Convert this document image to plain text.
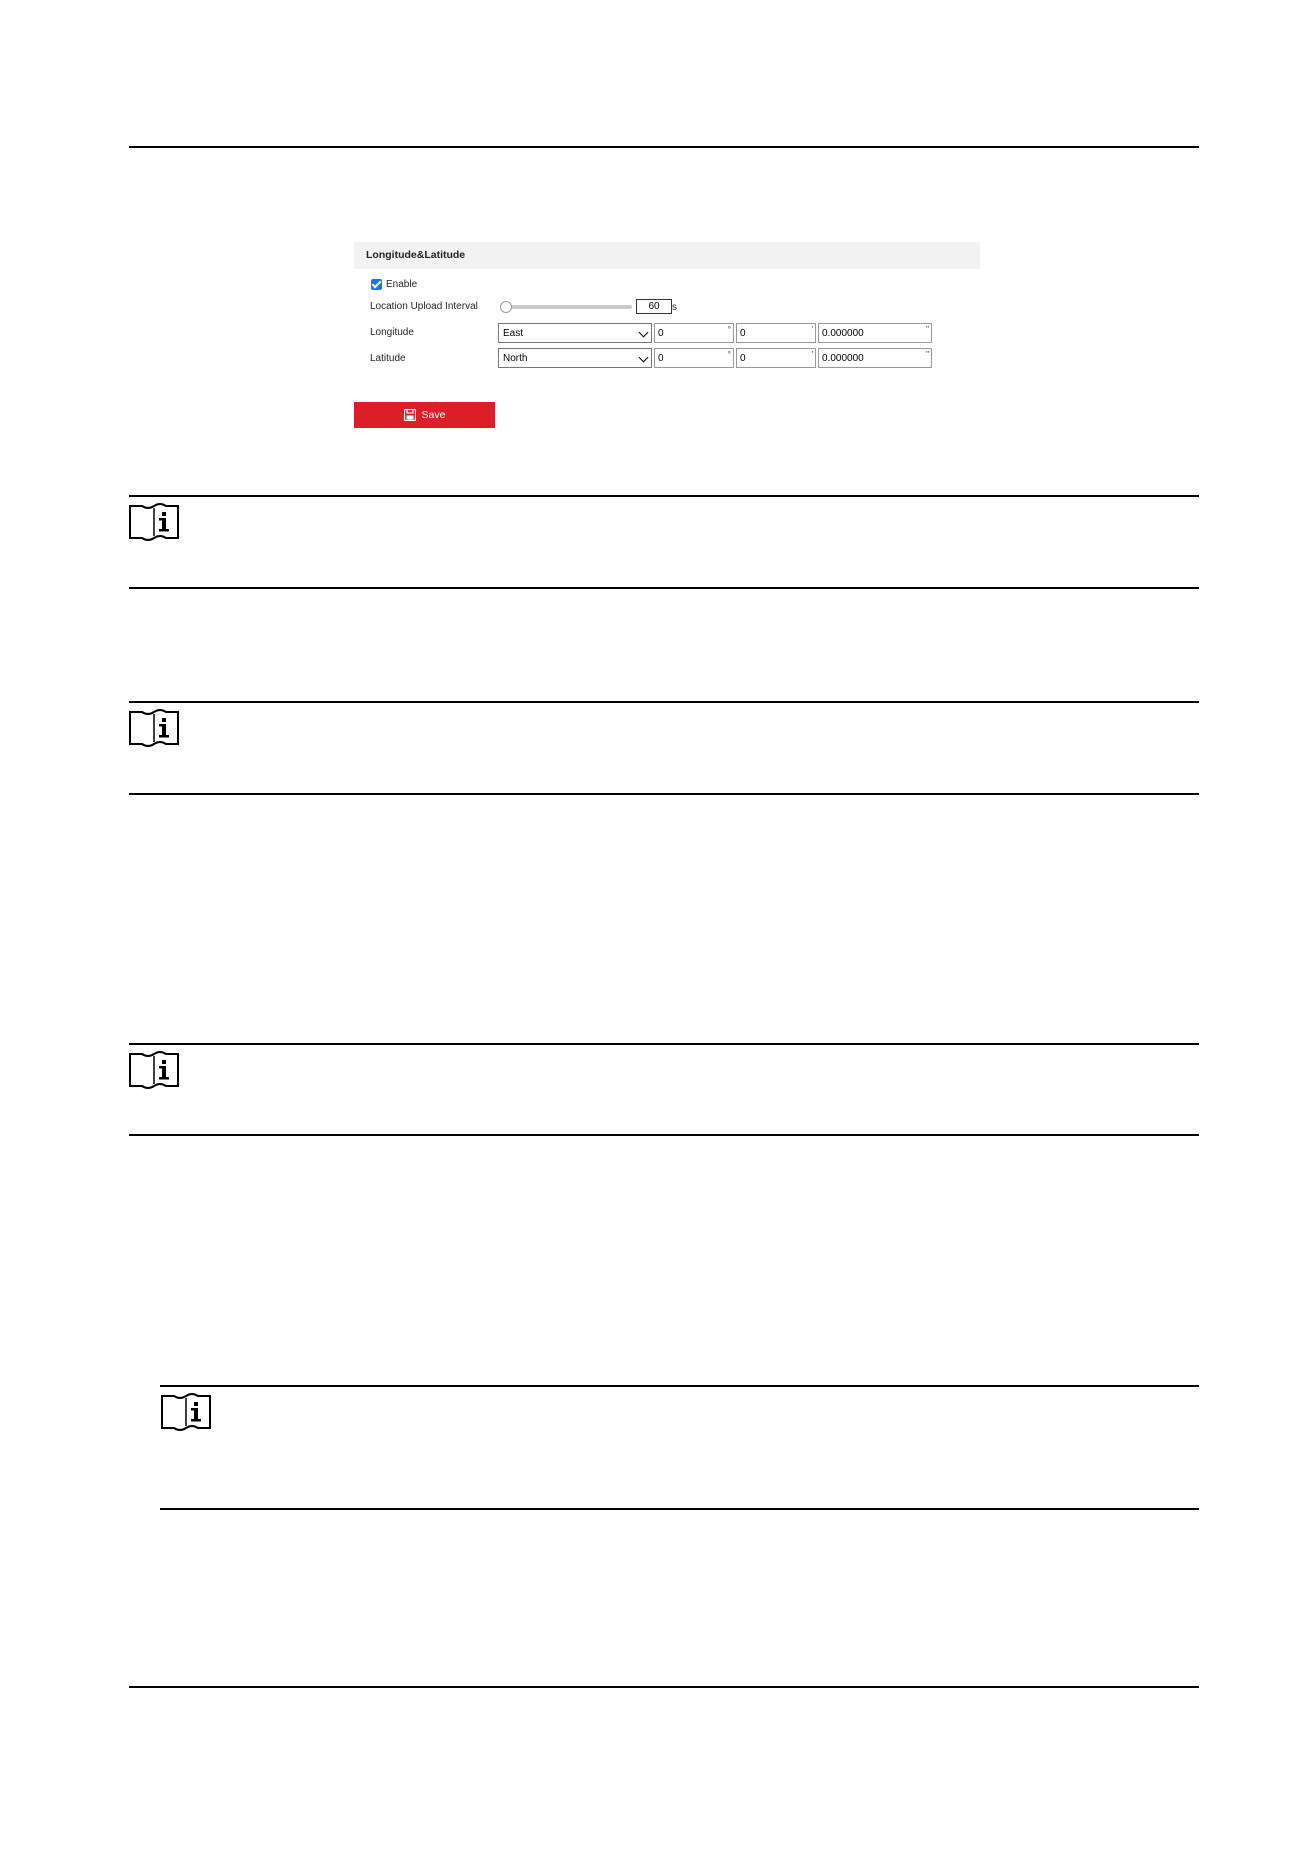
Longitude&Latitude
Enable
Location Upload Interval	60	s
Longitude	East	0	° 0	' 0.000000	"
Latitude	North	0	° 0	' 0.000000	"
Save
